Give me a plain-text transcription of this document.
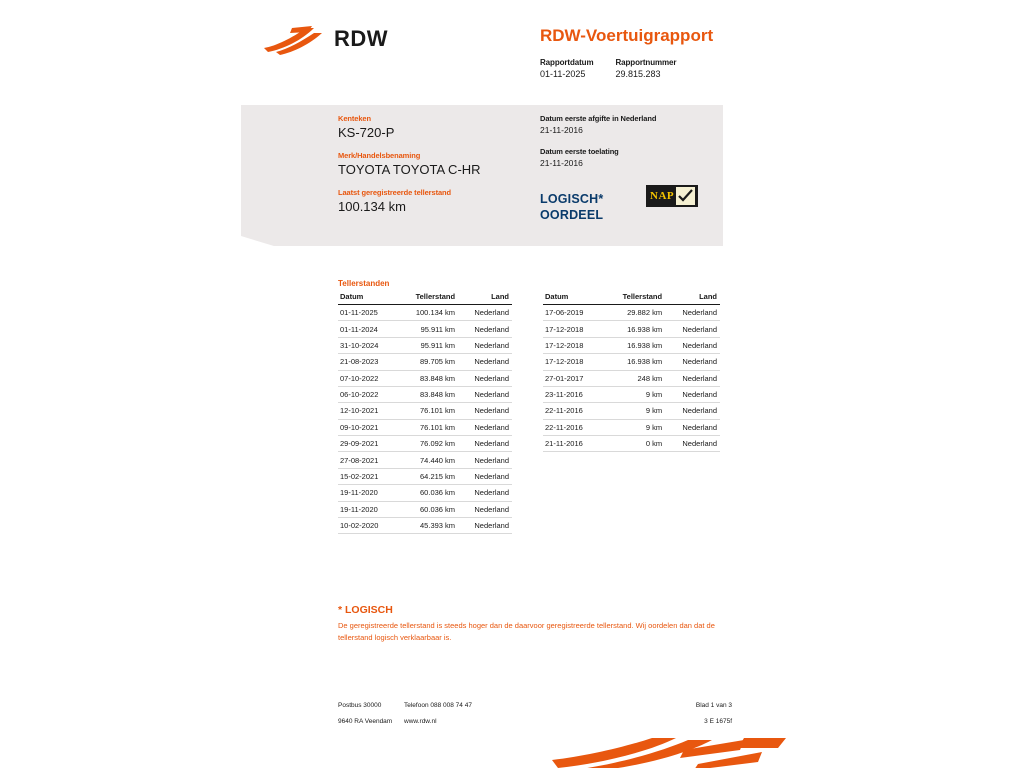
RDW	RDW-Voertuigrapport
Rapportdatum
01-11-2025
Rapportnummer
29.815.283
Kenteken
KS-720-P
Merk/Handelsbenaming
TOYOTA TOYOTA C-HR
Laatst geregistreerde tellerstand
100.134 km
Datum eerste afgifte in Nederland
21-11-2016
Datum eerste toelating
21-11-2016
LOGISCH*
OORDEEL
NAP
Tellerstanden
Datum	Tellerstand	Land
01-11-2025	100.134 km	Nederland
01-11-2024	95.911 km	Nederland
31-10-2024	95.911 km	Nederland
21-08-2023	89.705 km	Nederland
07-10-2022	83.848 km	Nederland
06-10-2022	83.848 km	Nederland
12-10-2021	76.101 km	Nederland
09-10-2021	76.101 km	Nederland
29-09-2021	76.092 km	Nederland
27-08-2021	74.440 km	Nederland
15-02-2021	64.215 km	Nederland
19-11-2020	60.036 km	Nederland
19-11-2020	60.036 km	Nederland
10-02-2020	45.393 km	Nederland
Datum	Tellerstand	Land
17-06-2019	29.882 km	Nederland
17-12-2018	16.938 km	Nederland
17-12-2018	16.938 km	Nederland
17-12-2018	16.938 km	Nederland
27-01-2017	248 km	Nederland
23-11-2016	9 km	Nederland
22-11-2016	9 km	Nederland
22-11-2016	9 km	Nederland
21-11-2016	0 km	Nederland
* LOGISCH
De geregistreerde tellerstand is steeds hoger dan de daarvoor geregistreerde tellerstand. Wij oordelen dan dat de tellerstand logisch verklaarbaar is.
Postbus 30000	Telefoon 088 008 74 47	Blad 1 van 3
9640 RA Veendam	www.rdw.nl	3 E 1675f
